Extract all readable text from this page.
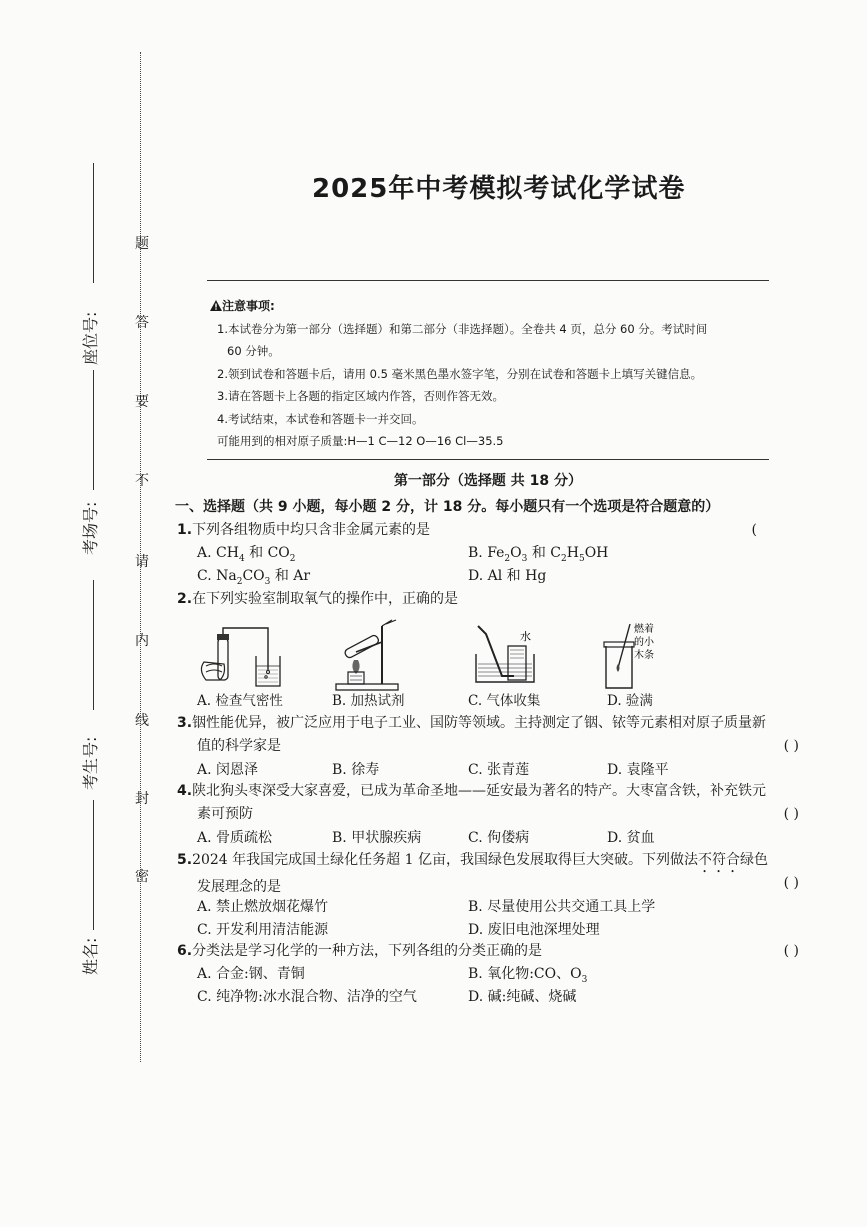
座位号:
考场号:
考生号:
姓名:
题
答
要
不
请
内
线
封
密
2025年中考模拟考试化学试卷

注意事项:

1.本试卷分为第一部分（选择题）和第二部分（非选择题）。全卷共 4 页，总分 60 分。考试时间

60 分钟。

2.领到试卷和答题卡后，请用 0.5 毫米黑色墨水签字笔，分别在试卷和答题卡上填写关键信息。

3.请在答题卡上各题的指定区域内作答，否则作答无效。

4.考试结束，本试卷和答题卡一并交回。

可能用到的相对原子质量:H—1 C—12 O—16 Cl—35.5

第一部分（选择题 共 18 分）
一、选择题（共 9 小题，每小题 2 分，计 18 分。每小题只有一个选项是符合题意的）
1.下列各组物质中均只含非金属元素的是	(
A. $CH_4$ 和 $CO_2$	B. $Fe_2O_3$ 和 $C_2H_5OH$
C. $Na_2CO_3$ 和 Ar	D. Al 和 Hg
2.在下列实验室制取氧气的操作中，正确的是
水
燃着
的小
木条
A. 检查气密性	B. 加热试剂	C. 气体收集	D. 验满
3.铟性能优异，被广泛应用于电子工业、国防等领域。主持测定了铟、铱等元素相对原子质量新
值的科学家是	( )
A. 闵恩泽	B. 徐寿	C. 张青莲	D. 袁隆平
4.陕北狗头枣深受大家喜爱，已成为革命圣地——延安最为著名的特产。大枣富含铁，补充铁元
素可预防	( )
A. 骨质疏松	B. 甲状腺疾病	C. 佝偻病	D. 贫血
5.2024 年我国完成国土绿化任务超 1 亿亩，我国绿色发展取得巨大突破。下列做法不符合绿色
发展理念的是	( )
A. 禁止燃放烟花爆竹	B. 尽量使用公共交通工具上学
C. 开发利用清洁能源	D. 废旧电池深埋处理
6.分类法是学习化学的一种方法，下列各组的分类正确的是	( )
A. 合金:钢、青铜	B. 氧化物:CO、$O_3$
C. 纯净物:冰水混合物、洁净的空气	D. 碱:纯碱、烧碱
